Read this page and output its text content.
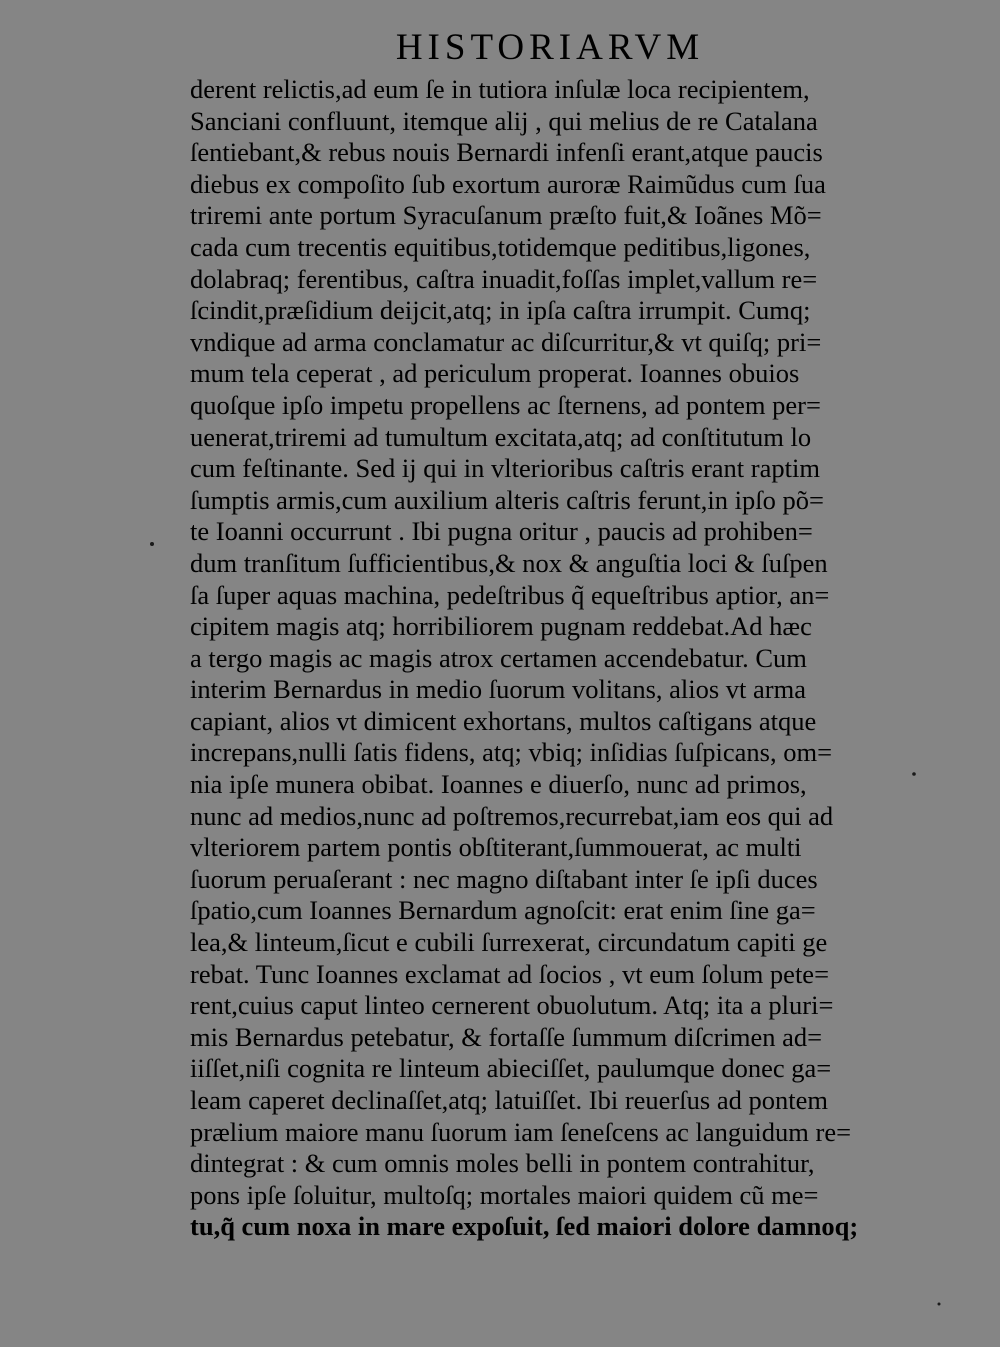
HISTORIARVM
derent relictis,ad eum ſe in tutiora inſulæ loca recipientem,
Sanciani confluunt, itemque alij , qui melius de re Catalana
ſentiebant,& rebus nouis Bernardi infenſi erant,atque paucis
diebus ex compoſito ſub exortum auroræ Raimũdus cum ſua
triremi ante portum Syracuſanum præſto fuit,& Ioãnes Mõ=
cada cum trecentis equitibus,totidemque peditibus,ligones,
dolabraq; ferentibus, caſtra inuadit,foſſas implet,vallum re=
ſcindit,præſidium deijcit,atq; in ipſa caſtra irrumpit. Cumq;
vndique ad arma conclamatur ac diſcurritur,& vt quiſq; pri=
mum tela ceperat , ad periculum properat. Ioannes obuios
quoſque ipſo impetu propellens ac ſternens, ad pontem per=
uenerat,triremi ad tumultum excitata,atq; ad conſtitutum lo
cum feſtinante. Sed ij qui in vlterioribus caſtris erant raptim
ſumptis armis,cum auxilium alteris caſtris ferunt,in ipſo põ=
te Ioanni occurrunt . Ibi pugna oritur , paucis ad prohiben=
dum tranſitum ſufficientibus,& nox & anguſtia loci & ſuſpen
ſa ſuper aquas machina, pedeſtribus q̃ equeſtribus aptior, an=
cipitem magis atq; horribiliorem pugnam reddebat.Ad hæc
a tergo magis ac magis atrox certamen accendebatur. Cum
interim Bernardus in medio ſuorum volitans, alios vt arma
capiant, alios vt dimicent exhortans, multos caſtigans atque
increpans,nulli ſatis fidens, atq; vbiq; inſidias ſuſpicans, om=
nia ipſe munera obibat. Ioannes e diuerſo, nunc ad primos,
nunc ad medios,nunc ad poſtremos,recurrebat,iam eos qui ad
vlteriorem partem pontis obſtiterant,ſummouerat, ac multi
ſuorum peruaſerant : nec magno diſtabant inter ſe ipſi duces
ſpatio,cum Ioannes Bernardum agnoſcit: erat enim ſine ga=
lea,& linteum,ſicut e cubili ſurrexerat, circundatum capiti ge
rebat. Tunc Ioannes exclamat ad ſocios , vt eum ſolum pete=
rent,cuius caput linteo cernerent obuolutum. Atq; ita a pluri=
mis Bernardus petebatur, & fortaſſe ſummum diſcrimen ad=
iiſſet,niſi cognita re linteum abieciſſet, paulumque donec ga=
leam caperet declinaſſet,atq; latuiſſet. Ibi reuerſus ad pontem
prælium maiore manu ſuorum iam ſeneſcens ac languidum re=
dintegrat : & cum omnis moles belli in pontem contrahitur,
pons ipſe ſoluitur, multoſq; mortales maiori quidem cũ me=
tu,q̃ cum noxa in mare expoſuit, ſed maiori dolore damnoq;
